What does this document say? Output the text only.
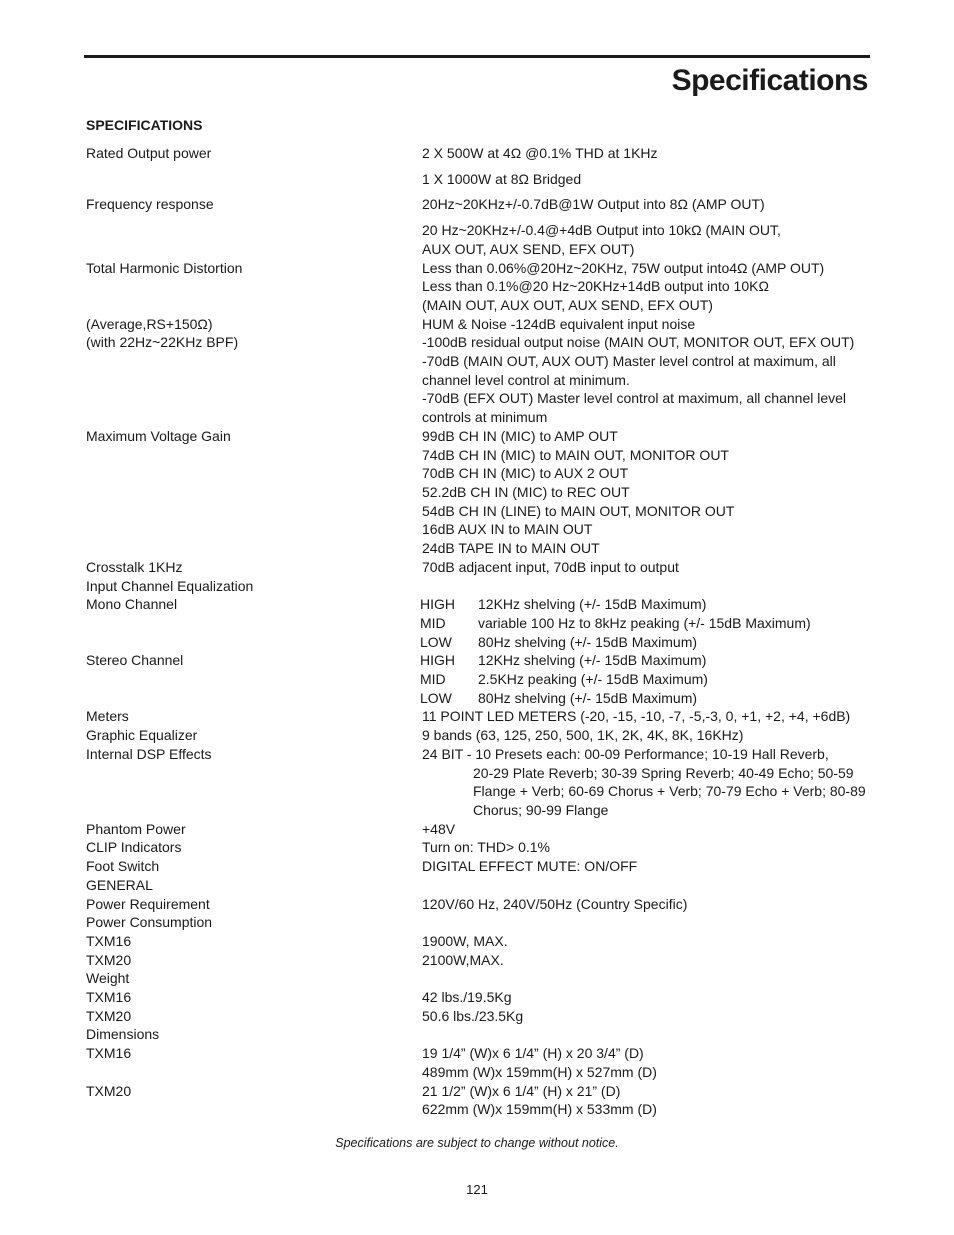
Specifications
SPECIFICATIONS
Rated Output power
Frequency response
Total Harmonic Distortion
(Average,RS+150Ω)
(with 22Hz~22KHz BPF)
Maximum Voltage Gain
Crosstalk 1KHz
Input Channel Equalization
Mono Channel
Stereo Channel
Meters
Graphic Equalizer
Internal DSP Effects
Phantom Power
CLIP Indicators
Foot Switch
GENERAL
Power Requirement
Power Consumption
TXM16
TXM20
Weight
TXM16
TXM20
Dimensions
TXM16
TXM20
2 X 500W at 4Ω @0.1% THD at 1KHz
1 X 1000W at 8Ω Bridged
20Hz~20KHz+/-0.7dB@1W Output into 8Ω (AMP OUT)
20 Hz~20KHz+/-0.4@+4dB Output into 10kΩ (MAIN OUT,
AUX OUT, AUX SEND, EFX OUT)
Less than 0.06%@20Hz~20KHz, 75W output into4Ω (AMP OUT)
Less than 0.1%@20 Hz~20KHz+14dB output into 10KΩ
(MAIN OUT, AUX OUT, AUX SEND, EFX OUT)
HUM & Noise -124dB equivalent input noise
-100dB residual output noise (MAIN OUT, MONITOR OUT, EFX OUT)
-70dB (MAIN OUT, AUX OUT) Master level control at maximum, all
channel level control at minimum.
-70dB (EFX OUT) Master level control at maximum, all channel level
controls at minimum
99dB CH IN (MIC) to AMP OUT
74dB CH IN (MIC) to MAIN OUT, MONITOR OUT
70dB CH IN (MIC) to AUX 2 OUT
52.2dB CH IN (MIC) to REC OUT
54dB CH IN (LINE) to MAIN OUT, MONITOR OUT
16dB AUX IN to MAIN OUT
24dB TAPE IN to MAIN OUT
70dB adjacent input, 70dB input to output
HIGH 12KHz shelving (+/- 15dB Maximum)
MID variable 100 Hz to 8kHz peaking (+/- 15dB Maximum)
LOW 80Hz shelving (+/- 15dB Maximum)
HIGH 12KHz shelving (+/- 15dB Maximum)
MID 2.5KHz peaking (+/- 15dB Maximum)
LOW 80Hz shelving (+/- 15dB Maximum)
11 POINT LED METERS (-20, -15, -10, -7, -5,-3, 0, +1, +2, +4, +6dB)
9 bands (63, 125, 250, 500, 1K, 2K, 4K, 8K, 16KHz)
24 BIT - 10 Presets each: 00-09 Performance; 10-19 Hall Reverb,
20-29 Plate Reverb; 30-39 Spring Reverb; 40-49 Echo; 50-59
Flange + Verb; 60-69 Chorus + Verb; 70-79 Echo + Verb; 80-89
Chorus; 90-99 Flange
+48V
Turn on: THD> 0.1%
DIGITAL EFFECT MUTE: ON/OFF
120V/60 Hz, 240V/50Hz (Country Specific)
1900W, MAX.
2100W,MAX.
42 lbs./19.5Kg
50.6 lbs./23.5Kg
19 1/4” (W)x 6 1/4” (H) x 20 3/4” (D)
489mm (W)x 159mm(H) x 527mm (D)
21 1/2” (W)x 6 1/4” (H) x 21” (D)
622mm (W)x 159mm(H) x 533mm (D)
Specifications are subject to change without notice.
121
